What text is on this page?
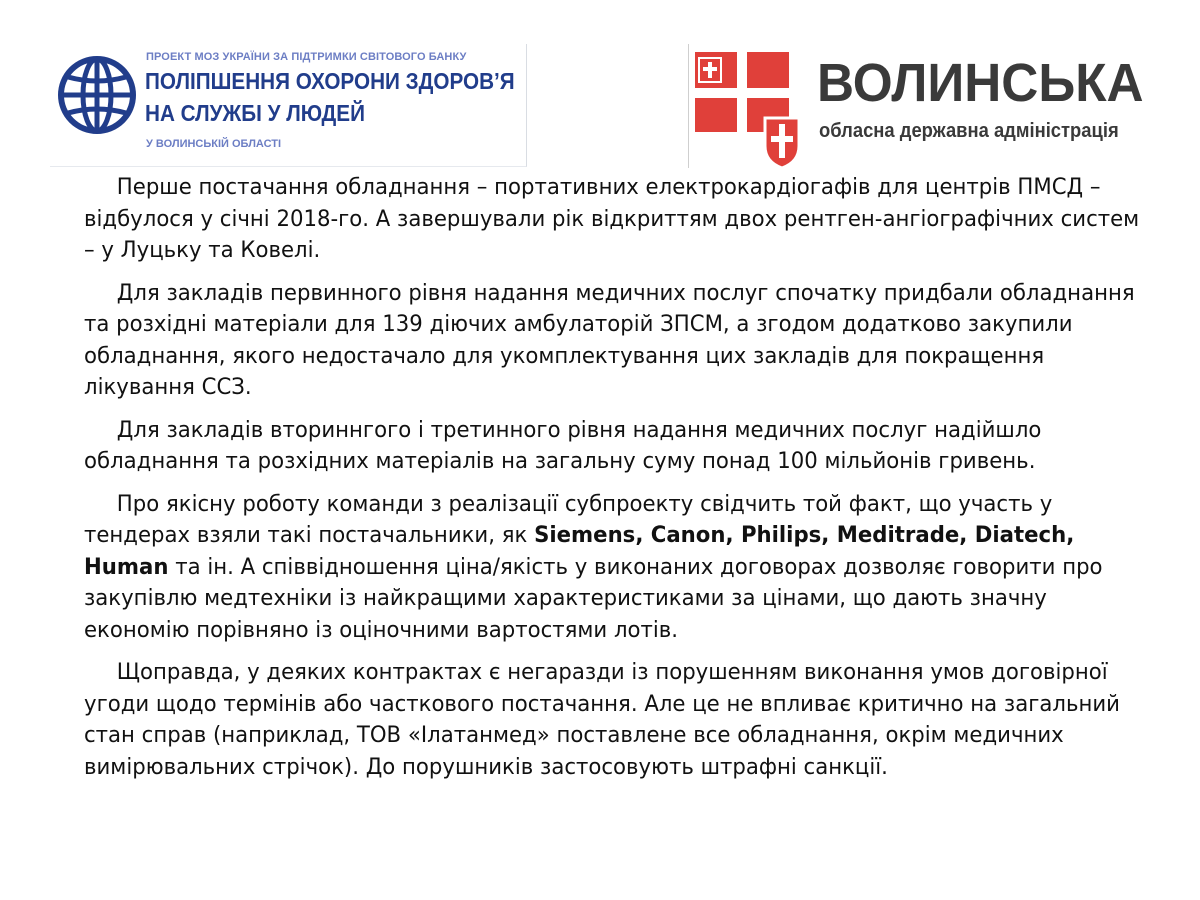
ПРОЕКТ МОЗ УКРАЇНИ ЗА ПІДТРИМКИ СВІТОВОГО БАНКУ
ПОЛІПШЕННЯ ОХОРОНИ ЗДОРОВ’Я
НА СЛУЖБІ У ЛЮДЕЙ
У ВОЛИНСЬКІЙ ОБЛАСТІ
ВОЛИНСЬКА
обласна державна адміністрація

Перше постачання обладнання – портативних електрокардіогафів для центрів ПМСД – відбулося у січні 2018-го. А завершували рік відкриттям двох рентген-ангіографічних систем – у Луцьку та Ковелі.

Для закладів первинного рівня надання медичних послуг спочатку придбали обладнання та розхідні матеріали для 139 діючих амбулаторій ЗПСМ, а згодом додатково закупили обладнання, якого недостачало для укомплектування цих закладів для покращення лікування ССЗ.

Для закладів вториннгого і третинного рівня надання медичних послуг надійшло обладнання та розхідних матеріалів на загальну суму понад 100 мільйонів гривень.

Про якісну роботу команди з реалізації субпроекту свідчить той факт, що участь у тендерах взяли такі постачальники, як Siemens, Canon, Philips, Meditrade, Diatech, Human та ін. А співвідношення ціна/якість у виконаних договорах дозволяє говорити про закупівлю медтехніки із найкращими характеристиками за цінами, що дають значну економію порівняно із оціночними вартостями лотів.

Щоправда, у деяких контрактах є негаразди із порушенням виконання умов договірної угоди щодо термінів або часткового постачання. Але це не впливає критично на загальний стан справ (наприклад, ТОВ «Ілатанмед» поставлене все обладнання, окрім медичних вимірювальних стрічок). До порушників застосовують штрафні санкції.
